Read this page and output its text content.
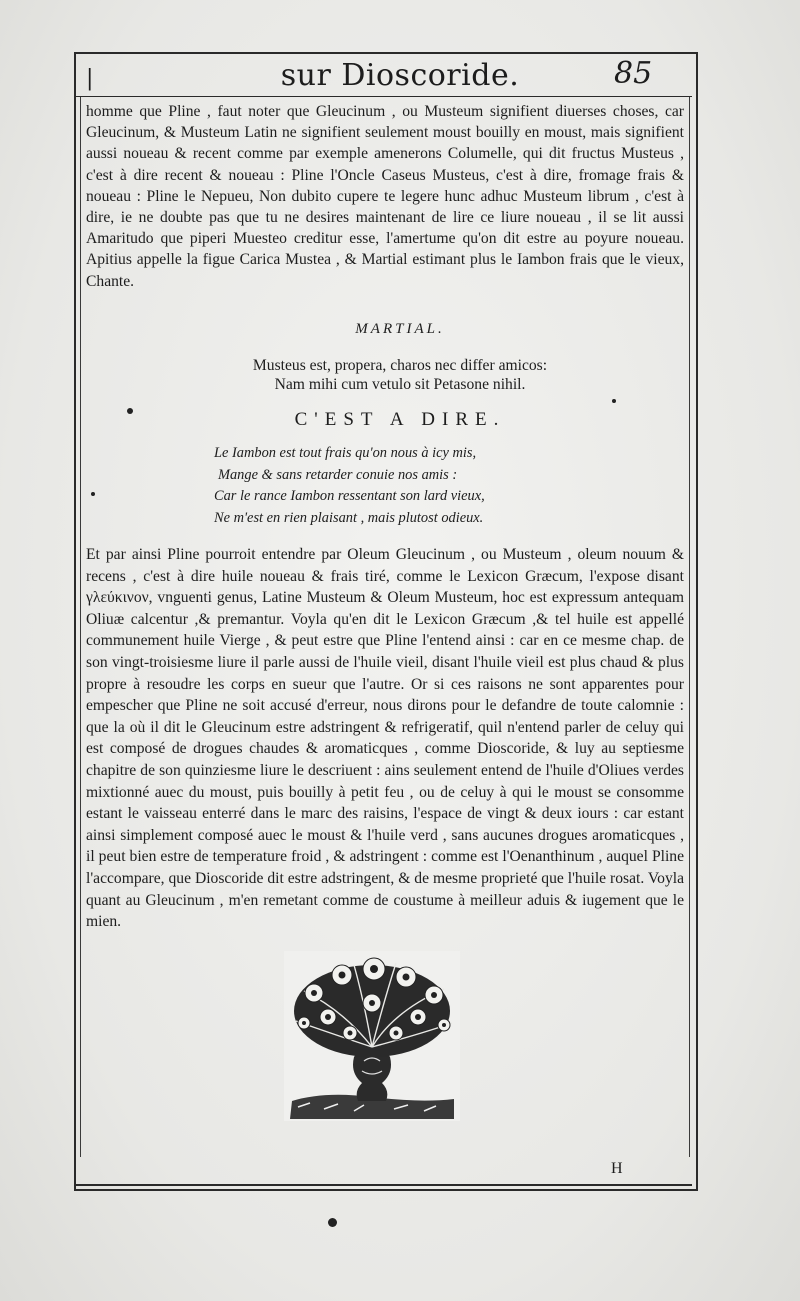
|	sur Dioscoride.	85
homme que Pline , faut noter que Gleucinum , ou Musteum signifient diuerses choses, car Gleucinum, & Musteum Latin ne signifient seulement moust bouilly en moust, mais signifient aussi noueau & recent comme par exemple amenerons Columelle, qui dit fructus Musteus , c'est à dire recent & noueau : Pline l'Oncle Caseus Musteus, c'est à dire, fromage frais & noueau : Pline le Nepueu, Non dubito cupere te legere hunc adhuc Musteum librum , c'est à dire, ie ne doubte pas que tu ne desires maintenant de lire ce liure noueau , il se lit aussi Amaritudo que piperi Muesteo creditur esse, l'amertume qu'on dit estre au poyure noueau. Apitius appelle la figue Carica Mustea , & Martial estimant plus le Iambon frais que le vieux, Chante.
MARTIAL.
Musteus est, propera, charos nec differ amicos:
Nam mihi cum vetulo sit Petasone nihil.
C'EST A DIRE.
Le Iambon est tout frais qu'on nous à icy mis,
Mange & sans retarder conuie nos amis :
Car le rance Iambon ressentant son lard vieux,
Ne m'est en rien plaisant , mais plutost odieux.
Et par ainsi Pline pourroit entendre par Oleum Gleucinum , ou Musteum , oleum nouum & recens , c'est à dire huile noueau & frais tiré, comme le Lexicon Græcum, l'expose disant γλεύκινον, vnguenti genus, Latine Musteum & Oleum Musteum, hoc est expressum antequam Oliuæ calcentur ,& premantur. Voyla qu'en dit le Lexicon Græcum ,& tel huile est appellé communement huile Vierge , & peut estre que Pline l'entend ainsi : car en ce mesme chap. de son vingt-troisiesme liure il parle aussi de l'huile vieil, disant l'huile vieil est plus chaud & plus propre à resoudre les corps en sueur que l'autre. Or si ces raisons ne sont apparentes pour empescher que Pline ne soit accusé d'erreur, nous dirons pour le defandre de toute calomnie : que la où il dit le Gleucinum estre adstringent & refrigeratif, quil n'entend parler de celuy qui est composé de drogues chaudes & aromaticques , comme Dioscoride, & luy au septiesme chapitre de son quinziesme liure le descriuent : ains seulement entend de l'huile d'Oliues verdes mixtionné auec du moust, puis bouilly à petit feu , ou de celuy à qui le moust se consomme estant le vaisseau enterré dans le marc des raisins, l'espace de vingt & deux iours : car estant ainsi simplement composé auec le moust & l'huile verd , sans aucunes drogues aromaticques , il peut bien estre de temperature froid , & adstringent : comme est l'Oenanthinum , auquel Pline l'accompare, que Dioscoride dit estre adstringent, & de mesme proprieté que l'huile rosat. Voyla quant au Gleucinum , m'en remetant comme de coustume à meilleur aduis & iugement que le mien.
H
